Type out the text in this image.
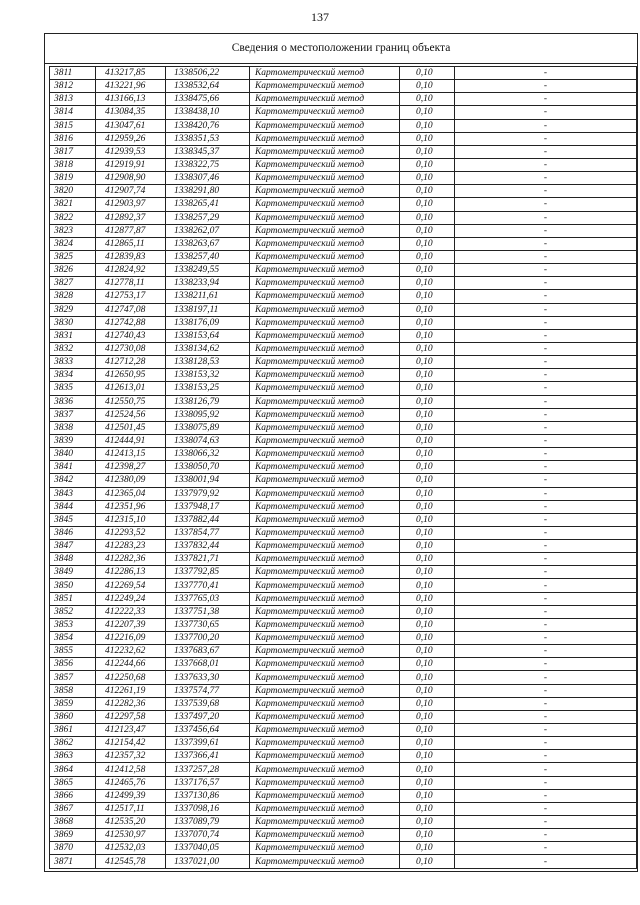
137
Сведения о местоположении границ объекта
3811	413217,85	1338506,22	Картометрический метод	0,10	-
3812	413221,96	1338532,64	Картометрический метод	0,10	-
3813	413166,13	1338475,66	Картометрический метод	0,10	-
3814	413084,35	1338438,10	Картометрический метод	0,10	-
3815	413047,61	1338420,76	Картометрический метод	0,10	-
3816	412959,26	1338351,53	Картометрический метод	0,10	-
3817	412939,53	1338345,37	Картометрический метод	0,10	-
3818	412919,91	1338322,75	Картометрический метод	0,10	-
3819	412908,90	1338307,46	Картометрический метод	0,10	-
3820	412907,74	1338291,80	Картометрический метод	0,10	-
3821	412903,97	1338265,41	Картометрический метод	0,10	-
3822	412892,37	1338257,29	Картометрический метод	0,10	-
3823	412877,87	1338262,07	Картометрический метод	0,10	-
3824	412865,11	1338263,67	Картометрический метод	0,10	-
3825	412839,83	1338257,40	Картометрический метод	0,10	-
3826	412824,92	1338249,55	Картометрический метод	0,10	-
3827	412778,11	1338233,94	Картометрический метод	0,10	-
3828	412753,17	1338211,61	Картометрический метод	0,10	-
3829	412747,08	1338197,11	Картометрический метод	0,10	-
3830	412742,88	1338176,09	Картометрический метод	0,10	-
3831	412740,43	1338153,64	Картометрический метод	0,10	-
3832	412730,08	1338134,62	Картометрический метод	0,10	-
3833	412712,28	1338128,53	Картометрический метод	0,10	-
3834	412650,95	1338153,32	Картометрический метод	0,10	-
3835	412613,01	1338153,25	Картометрический метод	0,10	-
3836	412550,75	1338126,79	Картометрический метод	0,10	-
3837	412524,56	1338095,92	Картометрический метод	0,10	-
3838	412501,45	1338075,89	Картометрический метод	0,10	-
3839	412444,91	1338074,63	Картометрический метод	0,10	-
3840	412413,15	1338066,32	Картометрический метод	0,10	-
3841	412398,27	1338050,70	Картометрический метод	0,10	-
3842	412380,09	1338001,94	Картометрический метод	0,10	-
3843	412365,04	1337979,92	Картометрический метод	0,10	-
3844	412351,96	1337948,17	Картометрический метод	0,10	-
3845	412315,10	1337882,44	Картометрический метод	0,10	-
3846	412293,52	1337854,77	Картометрический метод	0,10	-
3847	412283,23	1337832,44	Картометрический метод	0,10	-
3848	412282,36	1337821,71	Картометрический метод	0,10	-
3849	412286,13	1337792,85	Картометрический метод	0,10	-
3850	412269,54	1337770,41	Картометрический метод	0,10	-
3851	412249,24	1337765,03	Картометрический метод	0,10	-
3852	412222,33	1337751,38	Картометрический метод	0,10	-
3853	412207,39	1337730,65	Картометрический метод	0,10	-
3854	412216,09	1337700,20	Картометрический метод	0,10	-
3855	412232,62	1337683,67	Картометрический метод	0,10	-
3856	412244,66	1337668,01	Картометрический метод	0,10	-
3857	412250,68	1337633,30	Картометрический метод	0,10	-
3858	412261,19	1337574,77	Картометрический метод	0,10	-
3859	412282,36	1337539,68	Картометрический метод	0,10	-
3860	412297,58	1337497,20	Картометрический метод	0,10	-
3861	412123,47	1337456,64	Картометрический метод	0,10	-
3862	412154,42	1337399,61	Картометрический метод	0,10	-
3863	412357,32	1337366,41	Картометрический метод	0,10	-
3864	412412,58	1337257,28	Картометрический метод	0,10	-
3865	412465,76	1337176,57	Картометрический метод	0,10	-
3866	412499,39	1337130,86	Картометрический метод	0,10	-
3867	412517,11	1337098,16	Картометрический метод	0,10	-
3868	412535,20	1337089,79	Картометрический метод	0,10	-
3869	412530,97	1337070,74	Картометрический метод	0,10	-
3870	412532,03	1337040,05	Картометрический метод	0,10	-
3871	412545,78	1337021,00	Картометрический метод	0,10	-
